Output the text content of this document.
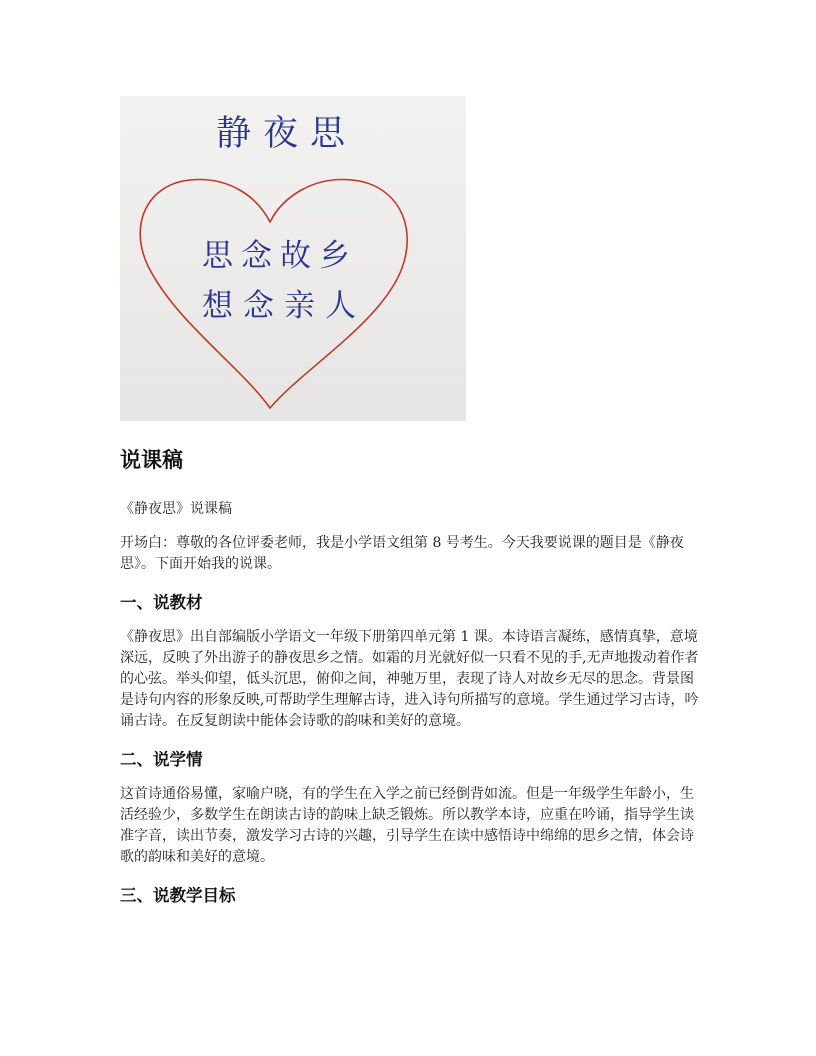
静夜思
思念故乡
想念亲人
说课稿

《静夜思》说课稿

开场白：尊敬的各位评委老师，我是小学语文组第 8 号考生。今天我要说课的题目是《静夜思》。下面开始我的说课。

一、说教材

《静夜思》出自部编版小学语文一年级下册第四单元第 1 课。本诗语言凝练，感情真挚，意境深远，反映了外出游子的静夜思乡之情。如霜的月光就好似一只看不见的手,无声地拨动着作者的心弦。举头仰望，低头沉思，俯仰之间，神驰万里，表现了诗人对故乡无尽的思念。背景图是诗句内容的形象反映,可帮助学生理解古诗，进入诗句所描写的意境。学生通过学习古诗，吟诵古诗。在反复朗读中能体会诗歌的韵味和美好的意境。

二、说学情

这首诗通俗易懂，家喻户晓，有的学生在入学之前已经倒背如流。但是一年级学生年龄小，生活经验少，多数学生在朗读古诗的韵味上缺乏锻炼。所以教学本诗，应重在吟诵，指导学生读准字音，读出节奏，激发学习古诗的兴趣，引导学生在读中感悟诗中绵绵的思乡之情，体会诗歌的韵味和美好的意境。

三、说教学目标
